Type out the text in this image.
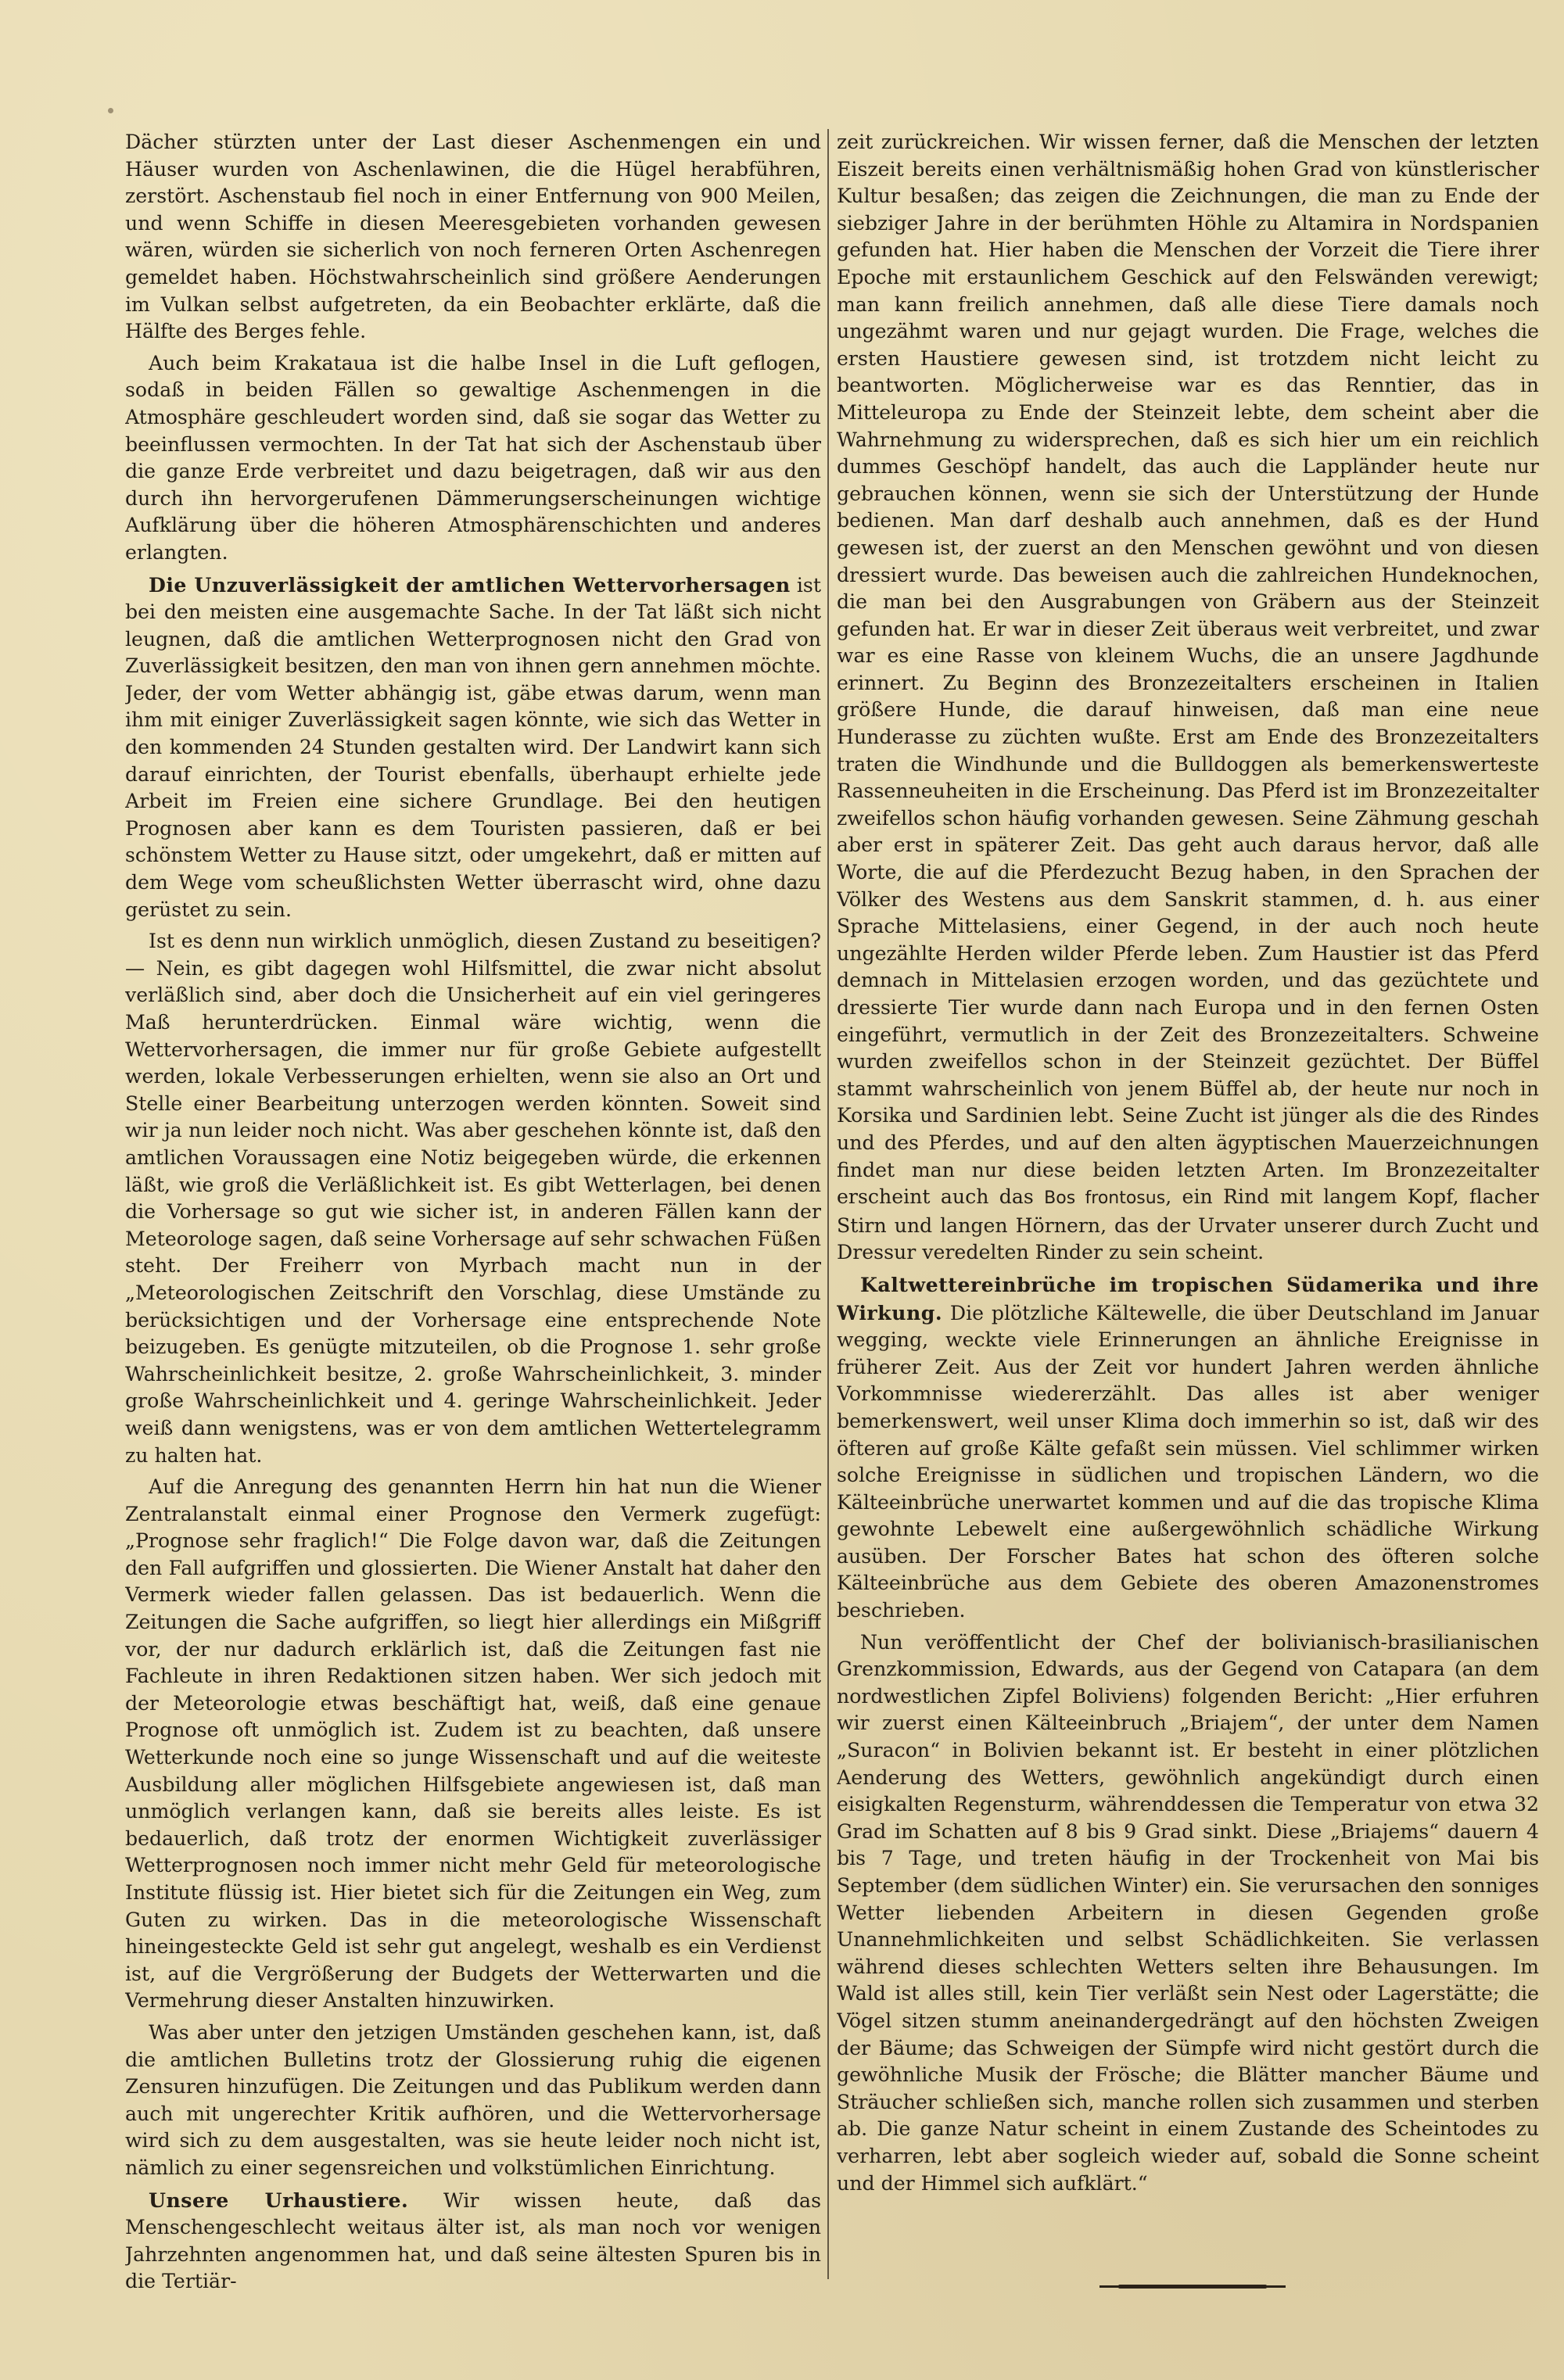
Dächer stürzten unter der Last dieser Aschenmengen ein und Häuser wurden von Aschenlawinen, die die Hügel herabführen, zerstört. Aschenstaub fiel noch in einer Entfernung von 900 Meilen, und wenn Schiffe in diesen Meeresgebieten vorhanden gewesen wären, würden sie sicherlich von noch ferneren Orten Aschenregen gemeldet haben. Höchstwahrscheinlich sind größere Aenderungen im Vulkan selbst aufgetreten, da ein Beobachter erklärte, daß die Hälfte des Berges fehle.

Auch beim Krakataua ist die halbe Insel in die Luft geflogen, sodaß in beiden Fällen so gewaltige Aschenmengen in die Atmosphäre geschleudert worden sind, daß sie sogar das Wetter zu beeinflussen vermochten. In der Tat hat sich der Aschenstaub über die ganze Erde verbreitet und dazu beigetragen, daß wir aus den durch ihn hervorgerufenen Dämmerungserscheinungen wichtige Aufklärung über die höheren Atmosphärenschichten und anderes erlangten.

Die Unzuverlässigkeit der amtlichen Wettervorhersagen ist bei den meisten eine ausgemachte Sache. In der Tat läßt sich nicht leugnen, daß die amtlichen Wetterprognosen nicht den Grad von Zuverlässigkeit besitzen, den man von ihnen gern annehmen möchte. Jeder, der vom Wetter abhängig ist, gäbe etwas darum, wenn man ihm mit einiger Zuverlässigkeit sagen könnte, wie sich das Wetter in den kommenden 24 Stunden gestalten wird. Der Landwirt kann sich darauf einrichten, der Tourist ebenfalls, überhaupt erhielte jede Arbeit im Freien eine sichere Grundlage. Bei den heutigen Prognosen aber kann es dem Touristen passieren, daß er bei schönstem Wetter zu Hause sitzt, oder umgekehrt, daß er mitten auf dem Wege vom scheußlichsten Wetter überrascht wird, ohne dazu gerüstet zu sein.

Ist es denn nun wirklich unmöglich, diesen Zustand zu beseitigen? — Nein, es gibt dagegen wohl Hilfsmittel, die zwar nicht absolut verläßlich sind, aber doch die Unsicherheit auf ein viel geringeres Maß herunterdrücken. Einmal wäre wichtig, wenn die Wettervorhersagen, die immer nur für große Gebiete aufgestellt werden, lokale Verbesserungen erhielten, wenn sie also an Ort und Stelle einer Bearbeitung unterzogen werden könnten. Soweit sind wir ja nun leider noch nicht. Was aber geschehen könnte ist, daß den amtlichen Voraussagen eine Notiz beigegeben würde, die erkennen läßt, wie groß die Verläßlichkeit ist. Es gibt Wetterlagen, bei denen die Vorhersage so gut wie sicher ist, in anderen Fällen kann der Meteorologe sagen, daß seine Vorhersage auf sehr schwachen Füßen steht. Der Freiherr von Myrbach macht nun in der „Meteorologischen Zeitschrift den Vorschlag, diese Umstände zu berücksichtigen und der Vorhersage eine entsprechende Note beizugeben. Es genügte mitzuteilen, ob die Prognose 1. sehr große Wahrscheinlichkeit besitze, 2. große Wahrscheinlichkeit, 3. minder große Wahrscheinlichkeit und 4. geringe Wahrscheinlichkeit. Jeder weiß dann wenigstens, was er von dem amtlichen Wettertelegramm zu halten hat.

Auf die Anregung des genannten Herrn hin hat nun die Wiener Zentralanstalt einmal einer Prognose den Vermerk zugefügt: „Prognose sehr fraglich!“ Die Folge davon war, daß die Zeitungen den Fall aufgriffen und glossierten. Die Wiener Anstalt hat daher den Vermerk wieder fallen gelassen. Das ist bedauerlich. Wenn die Zeitungen die Sache aufgriffen, so liegt hier allerdings ein Mißgriff vor, der nur dadurch erklärlich ist, daß die Zeitungen fast nie Fachleute in ihren Redaktionen sitzen haben. Wer sich jedoch mit der Meteorologie etwas beschäftigt hat, weiß, daß eine genaue Prognose oft unmöglich ist. Zudem ist zu beachten, daß unsere Wetterkunde noch eine so junge Wissenschaft und auf die weiteste Ausbildung aller möglichen Hilfsgebiete angewiesen ist, daß man unmöglich verlangen kann, daß sie bereits alles leiste. Es ist bedauerlich, daß trotz der enormen Wichtigkeit zuverlässiger Wetterprognosen noch immer nicht mehr Geld für meteorologische Institute flüssig ist. Hier bietet sich für die Zeitungen ein Weg, zum Guten zu wirken. Das in die meteorologische Wissenschaft hineingesteckte Geld ist sehr gut angelegt, weshalb es ein Verdienst ist, auf die Vergrößerung der Budgets der Wetterwarten und die Vermehrung dieser Anstalten hinzuwirken.

Was aber unter den jetzigen Umständen geschehen kann, ist, daß die amtlichen Bulletins trotz der Glossierung ruhig die eigenen Zensuren hinzufügen. Die Zeitungen und das Publikum werden dann auch mit ungerechter Kritik aufhören, und die Wettervorhersage wird sich zu dem ausgestalten, was sie heute leider noch nicht ist, nämlich zu einer segensreichen und volkstümlichen Einrichtung.

Unsere Urhaustiere. Wir wissen heute, daß das Menschengeschlecht weitaus älter ist, als man noch vor wenigen Jahrzehnten angenommen hat, und daß seine ältesten Spuren bis in die Tertiär-

zeit zurückreichen. Wir wissen ferner, daß die Menschen der letzten Eiszeit bereits einen verhältnismäßig hohen Grad von künstlerischer Kultur besaßen; das zeigen die Zeichnungen, die man zu Ende der siebziger Jahre in der berühmten Höhle zu Altamira in Nordspanien gefunden hat. Hier haben die Menschen der Vorzeit die Tiere ihrer Epoche mit erstaunlichem Geschick auf den Felswänden verewigt; man kann freilich annehmen, daß alle diese Tiere damals noch ungezähmt waren und nur gejagt wurden. Die Frage, welches die ersten Haustiere gewesen sind, ist trotzdem nicht leicht zu beantworten. Möglicherweise war es das Renntier, das in Mitteleuropa zu Ende der Steinzeit lebte, dem scheint aber die Wahrnehmung zu widersprechen, daß es sich hier um ein reichlich dummes Geschöpf handelt, das auch die Lappländer heute nur gebrauchen können, wenn sie sich der Unterstützung der Hunde bedienen. Man darf deshalb auch annehmen, daß es der Hund gewesen ist, der zuerst an den Menschen gewöhnt und von diesen dressiert wurde. Das beweisen auch die zahlreichen Hundeknochen, die man bei den Ausgrabungen von Gräbern aus der Steinzeit gefunden hat. Er war in dieser Zeit überaus weit verbreitet, und zwar war es eine Rasse von kleinem Wuchs, die an unsere Jagdhunde erinnert. Zu Beginn des Bronzezeitalters erscheinen in Italien größere Hunde, die darauf hinweisen, daß man eine neue Hunderasse zu züchten wußte. Erst am Ende des Bronzezeitalters traten die Windhunde und die Bulldoggen als bemerkenswerteste Rassenneuheiten in die Erscheinung. Das Pferd ist im Bronzezeitalter zweifellos schon häufig vorhanden gewesen. Seine Zähmung geschah aber erst in späterer Zeit. Das geht auch daraus hervor, daß alle Worte, die auf die Pferdezucht Bezug haben, in den Sprachen der Völker des Westens aus dem Sanskrit stammen, d. h. aus einer Sprache Mittelasiens, einer Gegend, in der auch noch heute ungezählte Herden wilder Pferde leben. Zum Haustier ist das Pferd demnach in Mittelasien erzogen worden, und das gezüchtete und dressierte Tier wurde dann nach Europa und in den fernen Osten eingeführt, vermutlich in der Zeit des Bronzezeitalters. Schweine wurden zweifellos schon in der Steinzeit gezüchtet. Der Büffel stammt wahrscheinlich von jenem Büffel ab, der heute nur noch in Korsika und Sardinien lebt. Seine Zucht ist jünger als die des Rindes und des Pferdes, und auf den alten ägyptischen Mauerzeichnungen findet man nur diese beiden letzten Arten. Im Bronzezeitalter erscheint auch das Bos frontosus, ein Rind mit langem Kopf, flacher Stirn und langen Hörnern, das der Urvater unserer durch Zucht und Dressur veredelten Rinder zu sein scheint.

Kaltwettereinbrüche im tropischen Südamerika und ihre Wirkung. Die plötzliche Kältewelle, die über Deutschland im Januar wegging, weckte viele Erinnerungen an ähnliche Ereignisse in früherer Zeit. Aus der Zeit vor hundert Jahren werden ähnliche Vorkommnisse wiedererzählt. Das alles ist aber weniger bemerkenswert, weil unser Klima doch immerhin so ist, daß wir des öfteren auf große Kälte gefaßt sein müssen. Viel schlimmer wirken solche Ereignisse in südlichen und tropischen Ländern, wo die Kälteeinbrüche unerwartet kommen und auf die das tropische Klima gewohnte Lebewelt eine außergewöhnlich schädliche Wirkung ausüben. Der Forscher Bates hat schon des öfteren solche Kälteeinbrüche aus dem Gebiete des oberen Amazonenstromes beschrieben.

Nun veröffentlicht der Chef der bolivianisch-brasilianischen Grenzkommission, Edwards, aus der Gegend von Catapara (an dem nordwestlichen Zipfel Boliviens) folgenden Bericht: „Hier erfuhren wir zuerst einen Kälteeinbruch „Briajem“, der unter dem Namen „Suracon“ in Bolivien bekannt ist. Er besteht in einer plötzlichen Aenderung des Wetters, gewöhnlich angekündigt durch einen eisigkalten Regensturm, währenddessen die Temperatur von etwa 32 Grad im Schatten auf 8 bis 9 Grad sinkt. Diese „Briajems“ dauern 4 bis 7 Tage, und treten häufig in der Trockenheit von Mai bis September (dem südlichen Winter) ein. Sie verursachen den sonniges Wetter liebenden Arbeitern in diesen Gegenden große Unannehmlichkeiten und selbst Schädlichkeiten. Sie verlassen während dieses schlechten Wetters selten ihre Behausungen. Im Wald ist alles still, kein Tier verläßt sein Nest oder Lagerstätte; die Vögel sitzen stumm aneinandergedrängt auf den höchsten Zweigen der Bäume; das Schweigen der Sümpfe wird nicht gestört durch die gewöhnliche Musik der Frösche; die Blätter mancher Bäume und Sträucher schließen sich, manche rollen sich zusammen und sterben ab. Die ganze Natur scheint in einem Zustande des Scheintodes zu verharren, lebt aber sogleich wieder auf, sobald die Sonne scheint und der Himmel sich aufklärt.“
